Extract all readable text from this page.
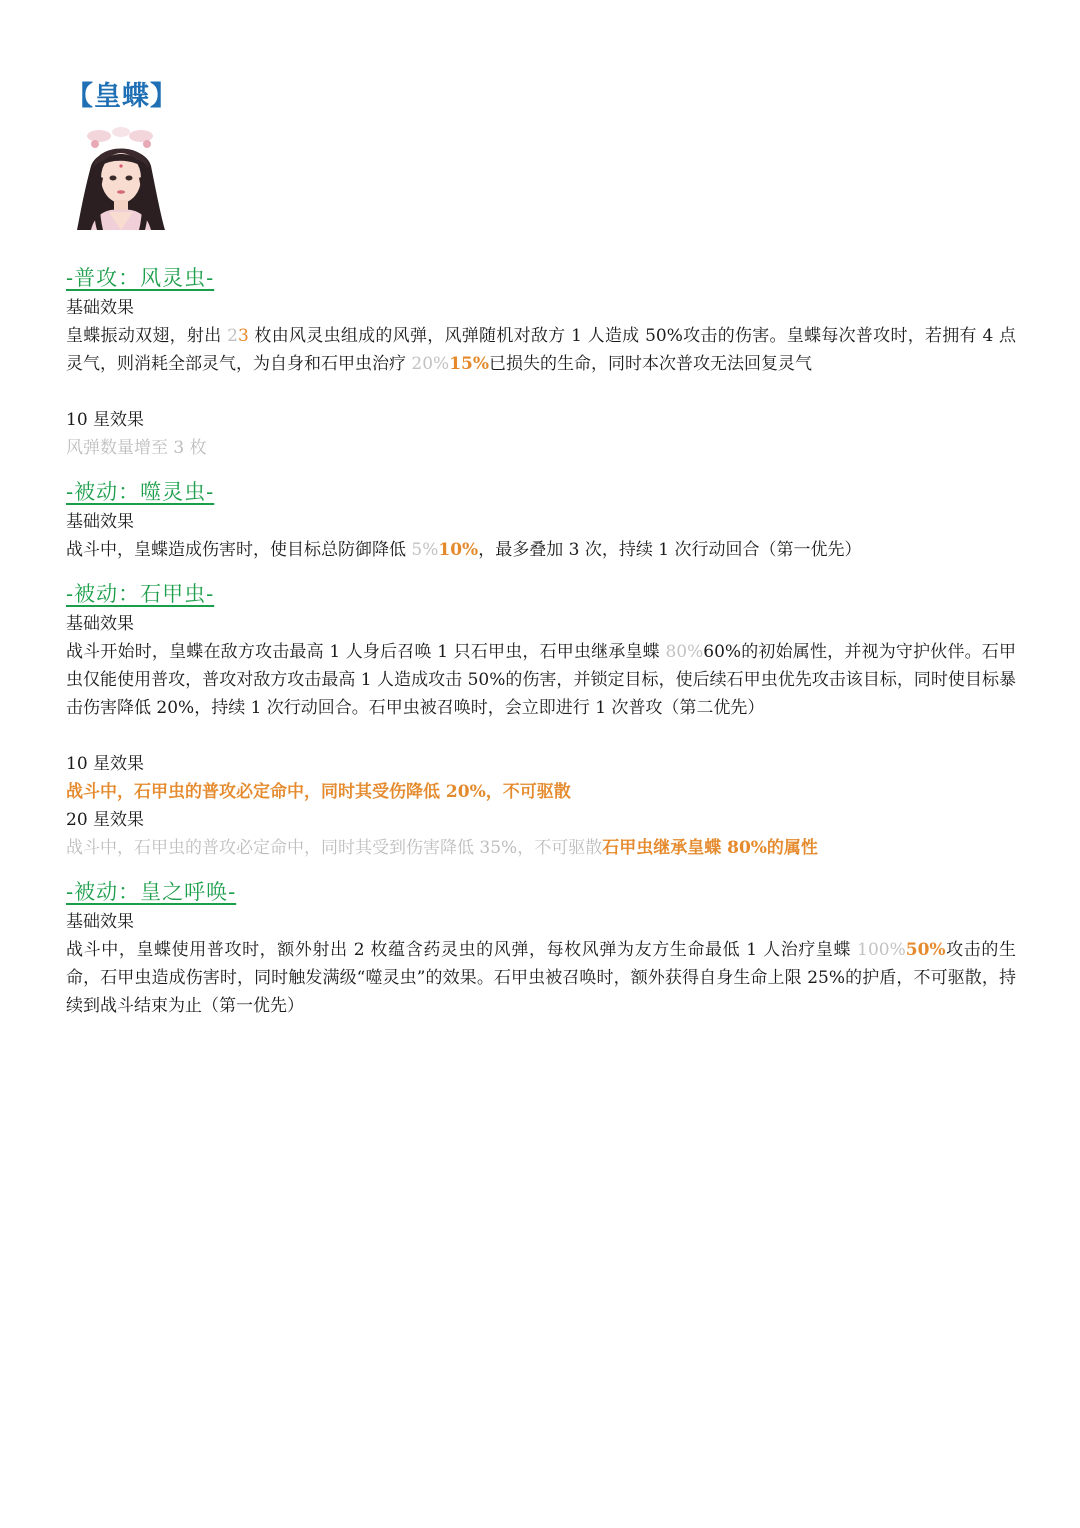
【皇蝶】
-普攻：风灵虫-
基础效果
皇蝶振动双翅，射出 23 枚由风灵虫组成的风弹，风弹随机对敌方 1 人造成 50%攻击的伤害。皇蝶每次普攻时，若拥有 4 点灵气，则消耗全部灵气，为自身和石甲虫治疗 20%15%已损失的生命，同时本次普攻无法回复灵气
10 星效果
风弹数量增至 3 枚
-被动：噬灵虫-
基础效果
战斗中，皇蝶造成伤害时，使目标总防御降低 5%10%，最多叠加 3 次，持续 1 次行动回合（第一优先）
-被动：石甲虫-
基础效果
战斗开始时，皇蝶在敌方攻击最高 1 人身后召唤 1 只石甲虫，石甲虫继承皇蝶 80%60%的初始属性，并视为守护伙伴。石甲虫仅能使用普攻，普攻对敌方攻击最高 1 人造成攻击 50%的伤害，并锁定目标，使后续石甲虫优先攻击该目标，同时使目标暴击伤害降低 20%，持续 1 次行动回合。石甲虫被召唤时，会立即进行 1 次普攻（第二优先）
10 星效果
战斗中，石甲虫的普攻必定命中，同时其受伤降低 20%，不可驱散
20 星效果
战斗中，石甲虫的普攻必定命中，同时其受到伤害降低 35%，不可驱散石甲虫继承皇蝶 80%的属性
-被动：皇之呼唤-
基础效果
战斗中，皇蝶使用普攻时，额外射出 2 枚蕴含药灵虫的风弹，每枚风弹为友方生命最低 1 人治疗皇蝶 100%50%攻击的生命，石甲虫造成伤害时，同时触发满级“噬灵虫”的效果。石甲虫被召唤时，额外获得自身生命上限 25%的护盾，不可驱散，持续到战斗结束为止（第一优先）
